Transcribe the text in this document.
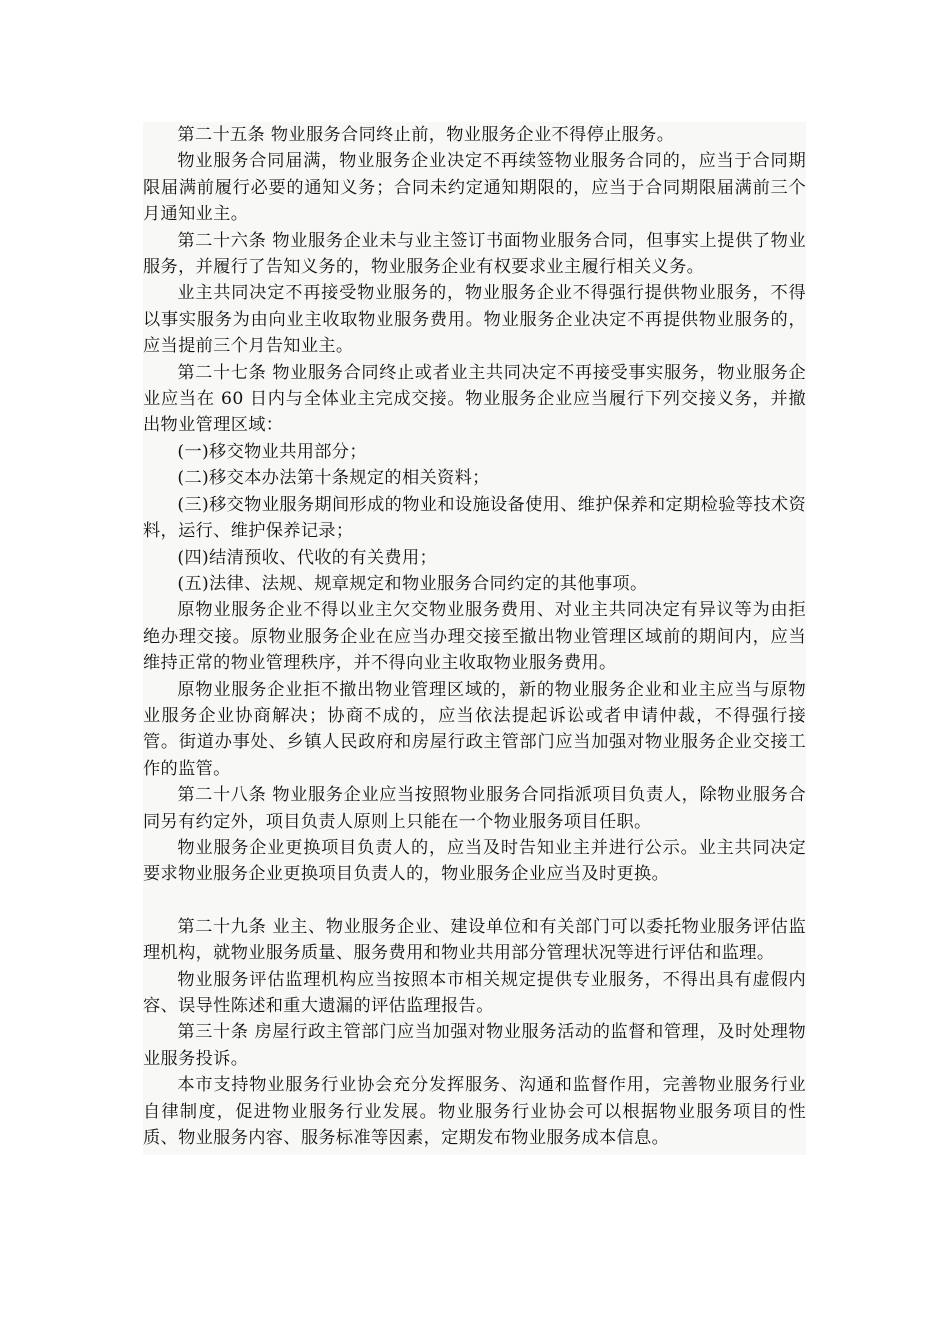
第二十五条 物业服务合同终止前，物业服务企业不得停止服务。

物业服务合同届满，物业服务企业决定不再续签物业服务合同的，应当于合同期限届满前履行必要的通知义务；合同未约定通知期限的，应当于合同期限届满前三个月通知业主。

第二十六条 物业服务企业未与业主签订书面物业服务合同，但事实上提供了物业服务，并履行了告知义务的，物业服务企业有权要求业主履行相关义务。

业主共同决定不再接受物业服务的，物业服务企业不得强行提供物业服务，不得以事实服务为由向业主收取物业服务费用。物业服务企业决定不再提供物业服务的，应当提前三个月告知业主。

第二十七条 物业服务合同终止或者业主共同决定不再接受事实服务，物业服务企业应当在 60 日内与全体业主完成交接。物业服务企业应当履行下列交接义务，并撤出物业管理区域：

(一)移交物业共用部分；

(二)移交本办法第十条规定的相关资料；

(三)移交物业服务期间形成的物业和设施设备使用、维护保养和定期检验等技术资料，运行、维护保养记录；

(四)结清预收、代收的有关费用；

(五)法律、法规、规章规定和物业服务合同约定的其他事项。

原物业服务企业不得以业主欠交物业服务费用、对业主共同决定有异议等为由拒绝办理交接。原物业服务企业在应当办理交接至撤出物业管理区域前的期间内，应当维持正常的物业管理秩序，并不得向业主收取物业服务费用。

原物业服务企业拒不撤出物业管理区域的，新的物业服务企业和业主应当与原物业服务企业协商解决；协商不成的，应当依法提起诉讼或者申请仲裁，不得强行接管。街道办事处、乡镇人民政府和房屋行政主管部门应当加强对物业服务企业交接工作的监管。

第二十八条 物业服务企业应当按照物业服务合同指派项目负责人，除物业服务合同另有约定外，项目负责人原则上只能在一个物业服务项目任职。

物业服务企业更换项目负责人的，应当及时告知业主并进行公示。业主共同决定要求物业服务企业更换项目负责人的，物业服务企业应当及时更换。

第二十九条 业主、物业服务企业、建设单位和有关部门可以委托物业服务评估监理机构，就物业服务质量、服务费用和物业共用部分管理状况等进行评估和监理。

物业服务评估监理机构应当按照本市相关规定提供专业服务，不得出具有虚假内容、误导性陈述和重大遗漏的评估监理报告。

第三十条 房屋行政主管部门应当加强对物业服务活动的监督和管理，及时处理物业服务投诉。

本市支持物业服务行业协会充分发挥服务、沟通和监督作用，完善物业服务行业自律制度，促进物业服务行业发展。物业服务行业协会可以根据物业服务项目的性质、物业服务内容、服务标准等因素，定期发布物业服务成本信息。
